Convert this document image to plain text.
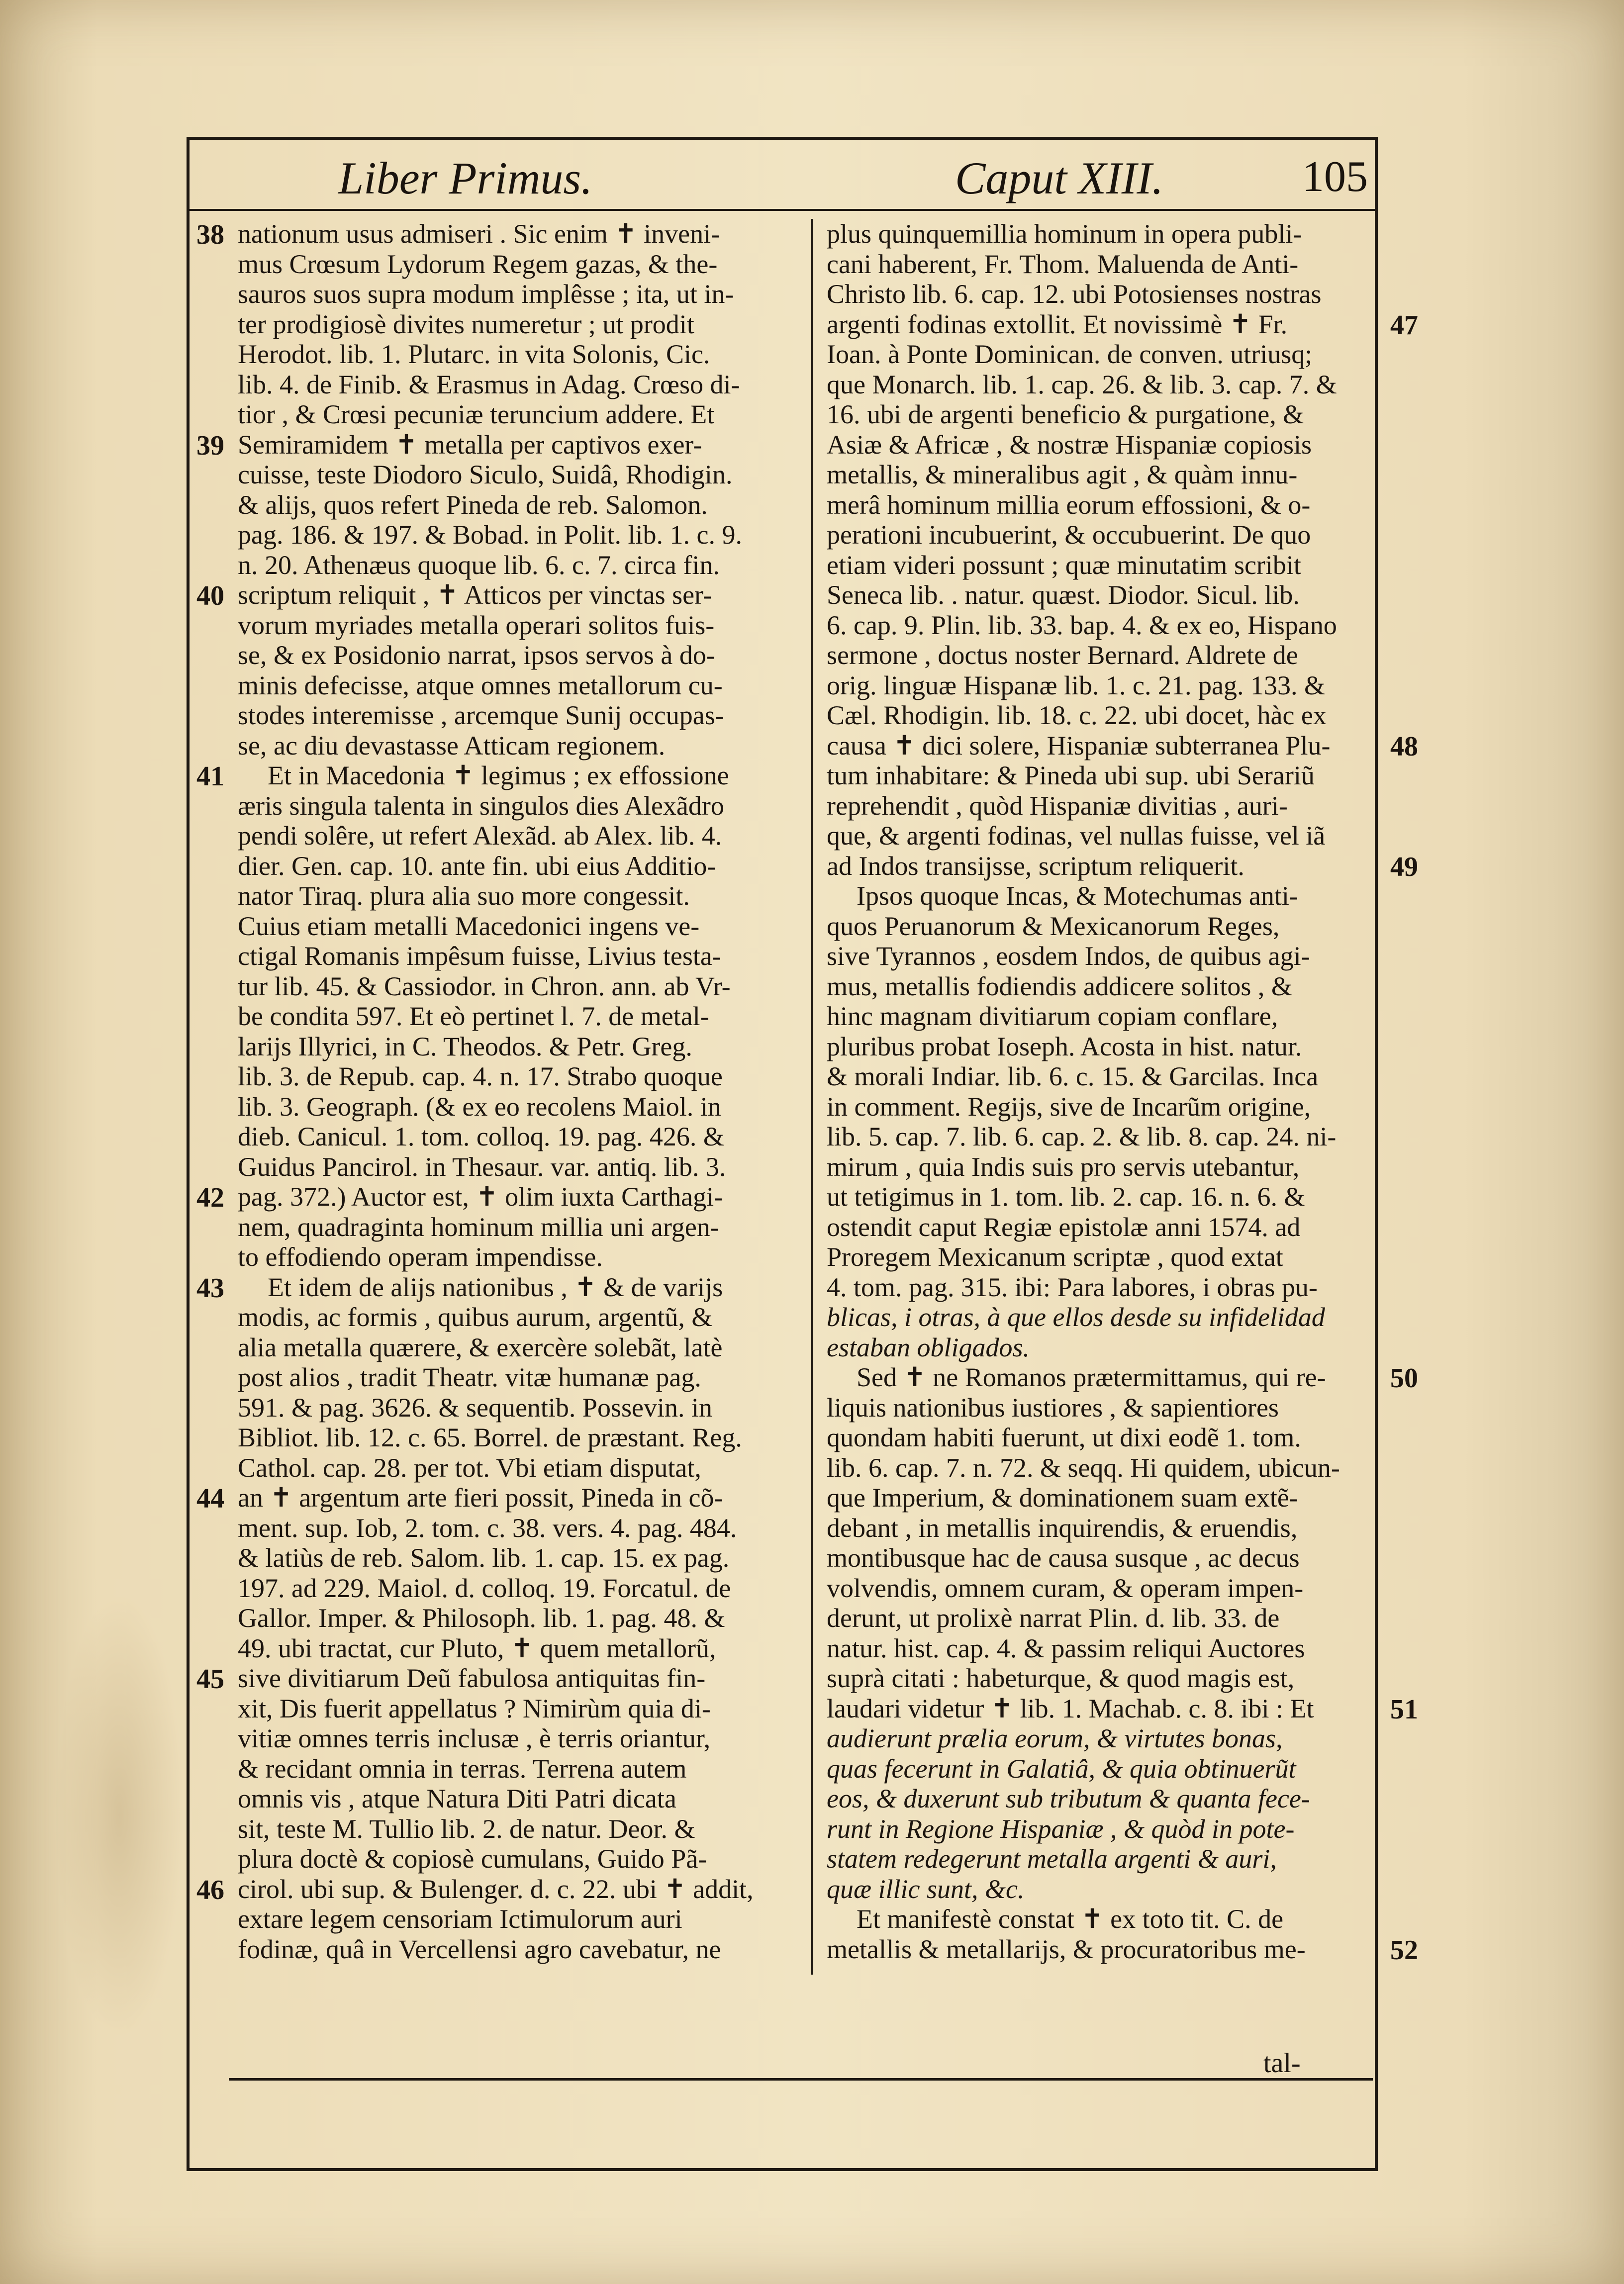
Liber Primus.	Caput XIII.	105
nationum usus admiseri . Sic enim ✝ inveni-
mus Crœsum Lydorum Regem gazas, & the-
sauros suos supra modum implêsse ; ita, ut in-
ter prodigiosè divites numeretur ; ut prodit
Herodot. lib. 1. Plutarc. in vita Solonis, Cic.
lib. 4. de Finib. & Erasmus in Adag. Crœso di-
tior , & Crœsi pecuniæ teruncium addere. Et
Semiramidem ✝ metalla per captivos exer-
cuisse, teste Diodoro Siculo, Suidâ, Rhodigin.
& alijs, quos refert Pineda de reb. Salomon.
pag. 186. & 197. & Bobad. in Polit. lib. 1. c. 9.
n. 20. Athenæus quoque lib. 6. c. 7. circa fin.
scriptum reliquit , ✝ Atticos per vinctas ser-
vorum myriades metalla operari solitos fuis-
se, & ex Posidonio narrat, ipsos servos à do-
minis defecisse, atque omnes metallorum cu-
stodes interemisse , arcemque Sunij occupas-
se, ac diu devastasse Atticam regionem.
Et in Macedonia ✝ legimus ; ex effossione
æris singula talenta in singulos dies Alexãdro
pendi solêre, ut refert Alexãd. ab Alex. lib. 4.
dier. Gen. cap. 10. ante fin. ubi eius Additio-
nator Tiraq. plura alia suo more congessit.
Cuius etiam metalli Macedonici ingens ve-
ctigal Romanis impêsum fuisse, Livius testa-
tur lib. 45. & Cassiodor. in Chron. ann. ab Vr-
be condita 597. Et eò pertinet l. 7. de metal-
larijs Illyrici, in C. Theodos. & Petr. Greg.
lib. 3. de Repub. cap. 4. n. 17. Strabo quoque
lib. 3. Geograph. (& ex eo recolens Maiol. in
dieb. Canicul. 1. tom. colloq. 19. pag. 426. &
Guidus Pancirol. in Thesaur. var. antiq. lib. 3.
pag. 372.) Auctor est, ✝ olim iuxta Carthagi-
nem, quadraginta hominum millia uni argen-
to effodiendo operam impendisse.
Et idem de alijs nationibus , ✝ & de varijs
modis, ac formis , quibus aurum, argentũ, &
alia metalla quærere, & exercère solebãt, latè
post alios , tradit Theatr. vitæ humanæ pag.
591. & pag. 3626. & sequentib. Possevin. in
Bibliot. lib. 12. c. 65. Borrel. de præstant. Reg.
Cathol. cap. 28. per tot. Vbi etiam disputat,
an ✝ argentum arte fieri possit, Pineda in cõ-
ment. sup. Iob, 2. tom. c. 38. vers. 4. pag. 484.
& latiùs de reb. Salom. lib. 1. cap. 15. ex pag.
197. ad 229. Maiol. d. colloq. 19. Forcatul. de
Gallor. Imper. & Philosoph. lib. 1. pag. 48. &
49. ubi tractat, cur Pluto, ✝ quem metallorũ,
sive divitiarum Deũ fabulosa antiquitas fin-
xit, Dis fuerit appellatus ? Nimirùm quia di-
vitiæ omnes terris inclusæ , è terris oriantur,
& recidant omnia in terras. Terrena autem
omnis vis , atque Natura Diti Patri dicata
sit, teste M. Tullio lib. 2. de natur. Deor. &
plura doctè & copiosè cumulans, Guido Pã-
cirol. ubi sup. & Bulenger. d. c. 22. ubi ✝ addit,
extare legem censoriam Ictimulorum auri
fodinæ, quâ in Vercellensi agro cavebatur, ne
plus quinquemillia hominum in opera publi-
cani haberent, Fr. Thom. Maluenda de Anti-
Christo lib. 6. cap. 12. ubi Potosienses nostras
argenti fodinas extollit. Et novissimè ✝ Fr.
Ioan. à Ponte Dominican. de conven. utriusq;
que Monarch. lib. 1. cap. 26. & lib. 3. cap. 7. &
16. ubi de argenti beneficio & purgatione, &
Asiæ & Africæ , & nostræ Hispaniæ copiosis
metallis, & mineralibus agit , & quàm innu-
merâ hominum millia eorum effossioni, & o-
perationi incubuerint, & occubuerint. De quo
etiam videri possunt ; quæ minutatim scribit
Seneca lib. . natur. quæst. Diodor. Sicul. lib.
6. cap. 9. Plin. lib. 33. bap. 4. & ex eo, Hispano
sermone , doctus noster Bernard. Aldrete de
orig. linguæ Hispanæ lib. 1. c. 21. pag. 133. &
Cæl. Rhodigin. lib. 18. c. 22. ubi docet, hàc ex
causa ✝ dici solere, Hispaniæ subterranea Plu-
tum inhabitare: & Pineda ubi sup. ubi Serariũ
reprehendit , quòd Hispaniæ divitias , auri-
que, & argenti fodinas, vel nullas fuisse, vel iã
ad Indos transijsse, scriptum reliquerit.
Ipsos quoque Incas, & Motechumas anti-
quos Peruanorum & Mexicanorum Reges,
sive Tyrannos , eosdem Indos, de quibus agi-
mus, metallis fodiendis addicere solitos , &
hinc magnam divitiarum copiam conflare,
pluribus probat Ioseph. Acosta in hist. natur.
& morali Indiar. lib. 6. c. 15. & Garcilas. Inca
in comment. Regijs, sive de Incarũm origine,
lib. 5. cap. 7. lib. 6. cap. 2. & lib. 8. cap. 24. ni-
mirum , quia Indis suis pro servis utebantur,
ut tetigimus in 1. tom. lib. 2. cap. 16. n. 6. &
ostendit caput Regiæ epistolæ anni 1574. ad
Proregem Mexicanum scriptæ , quod extat
4. tom. pag. 315. ibi: Para labores, i obras pu-
blicas, i otras, à que ellos desde su infidelidad
estaban obligados.
Sed ✝ ne Romanos prætermittamus, qui re-
liquis nationibus iustiores , & sapientiores
quondam habiti fuerunt, ut dixi eodẽ 1. tom.
lib. 6. cap. 7. n. 72. & seqq. Hi quidem, ubicun-
que Imperium, & dominationem suam extẽ-
debant , in metallis inquirendis, & eruendis,
montibusque hac de causa susque , ac decus
volvendis, omnem curam, & operam impen-
derunt, ut prolixè narrat Plin. d. lib. 33. de
natur. hist. cap. 4. & passim reliqui Auctores
suprà citati : habeturque, & quod magis est,
laudari videtur ✝ lib. 1. Machab. c. 8. ibi : Et
audierunt prælia eorum, & virtutes bonas,
quas fecerunt in Galatiâ, & quia obtinuerũt
eos, & duxerunt sub tributum & quanta fece-
runt in Regione Hispaniæ , & quòd in pote-
statem redegerunt metalla argenti & auri,
quæ illic sunt, &c.
Et manifestè constat ✝ ex toto tit. C. de
metallis & metallarijs, & procuratoribus me-
38
39
40
41
42
43
44
45
46
47
48
49
50
51
52
tal-
